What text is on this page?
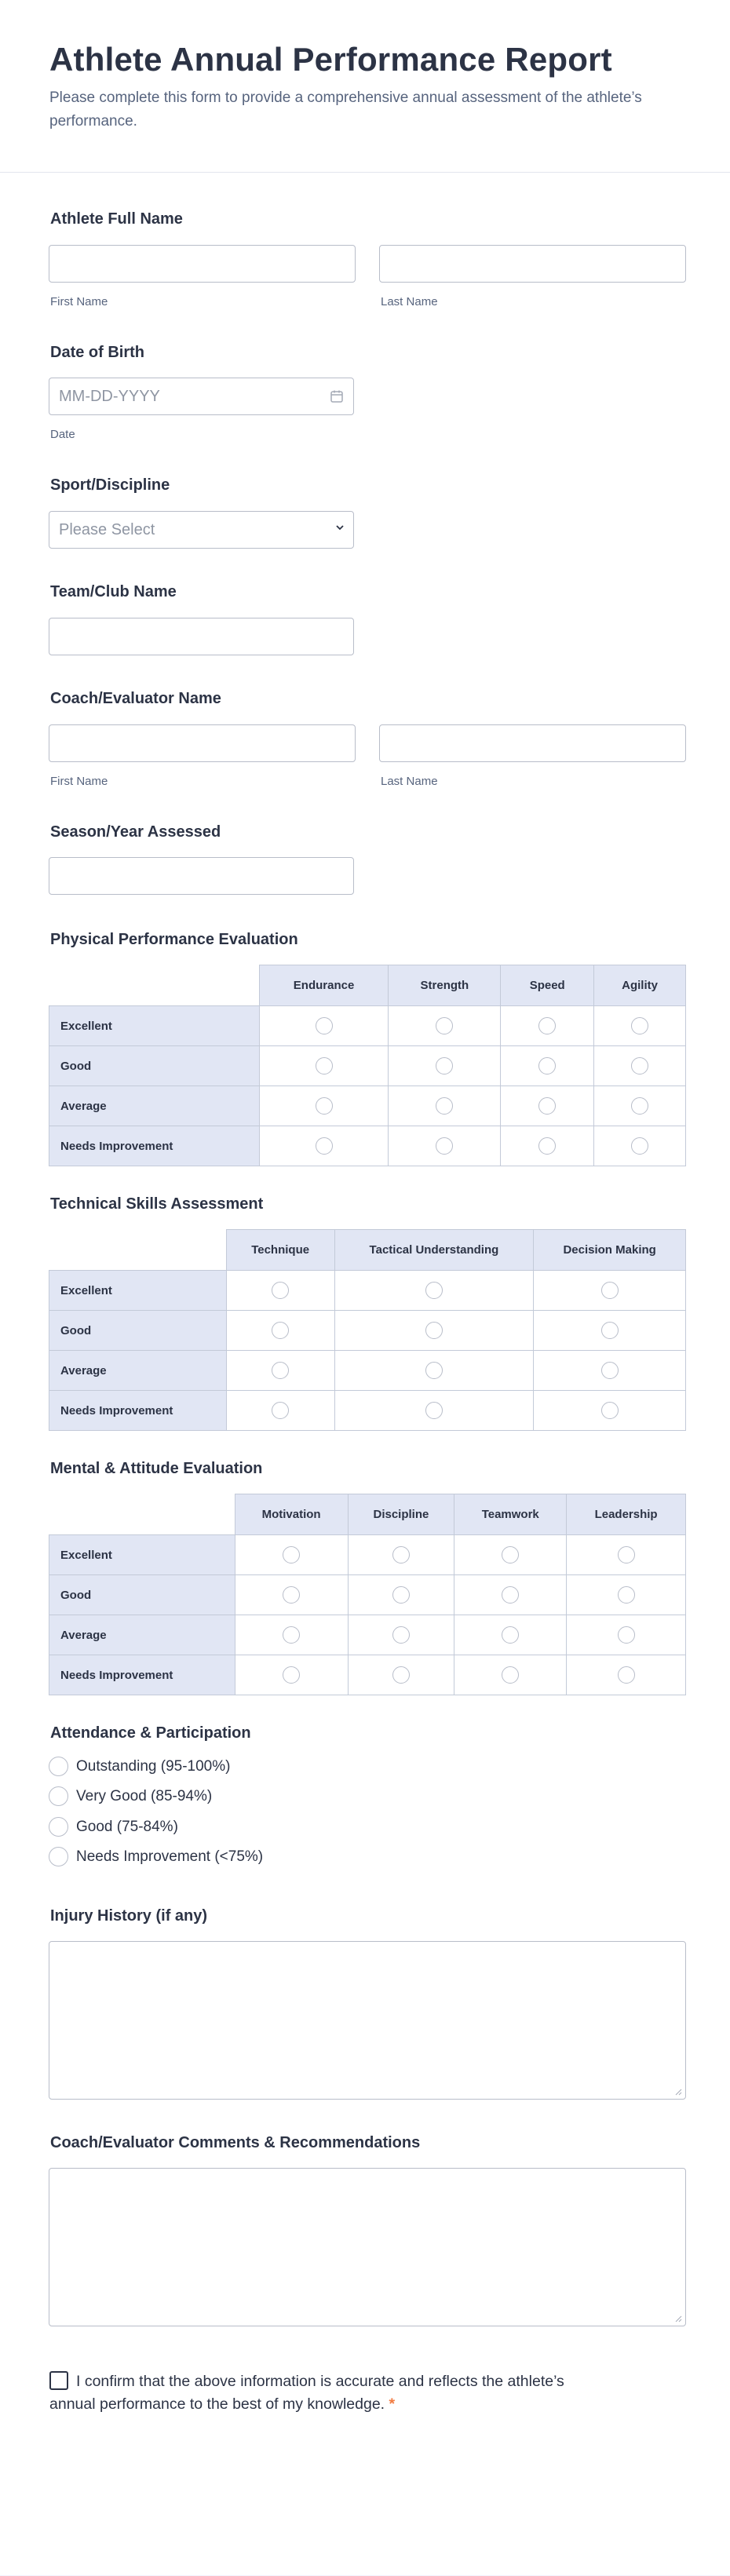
Athlete Annual Performance Report
Please complete this form to provide a comprehensive annual assessment of the athlete’s performance.
Athlete Full Name
First Name	Last Name
Date of Birth
MM-DD-YYYY
Date
Sport/Discipline
Please Select
Team/Club Name
Coach/Evaluator Name
First Name	Last Name
Season/Year Assessed
Physical Performance Evaluation
	Endurance	Strength	Speed	Agility
Excellent				
Good				
Average				
Needs Improvement				
Technical Skills Assessment
	Technique	Tactical Understanding	Decision Making
Excellent			
Good			
Average			
Needs Improvement			
Mental & Attitude Evaluation
	Motivation	Discipline	Teamwork	Leadership
Excellent				
Good				
Average				
Needs Improvement				
Attendance & Participation
Outstanding (95-100%)
Very Good (85-94%)
Good (75-84%)
Needs Improvement (<75%)
Injury History (if any)
Coach/Evaluator Comments & Recommendations
I confirm that the above information is accurate and reflects the athlete’s annual performance to the best of my knowledge. *
